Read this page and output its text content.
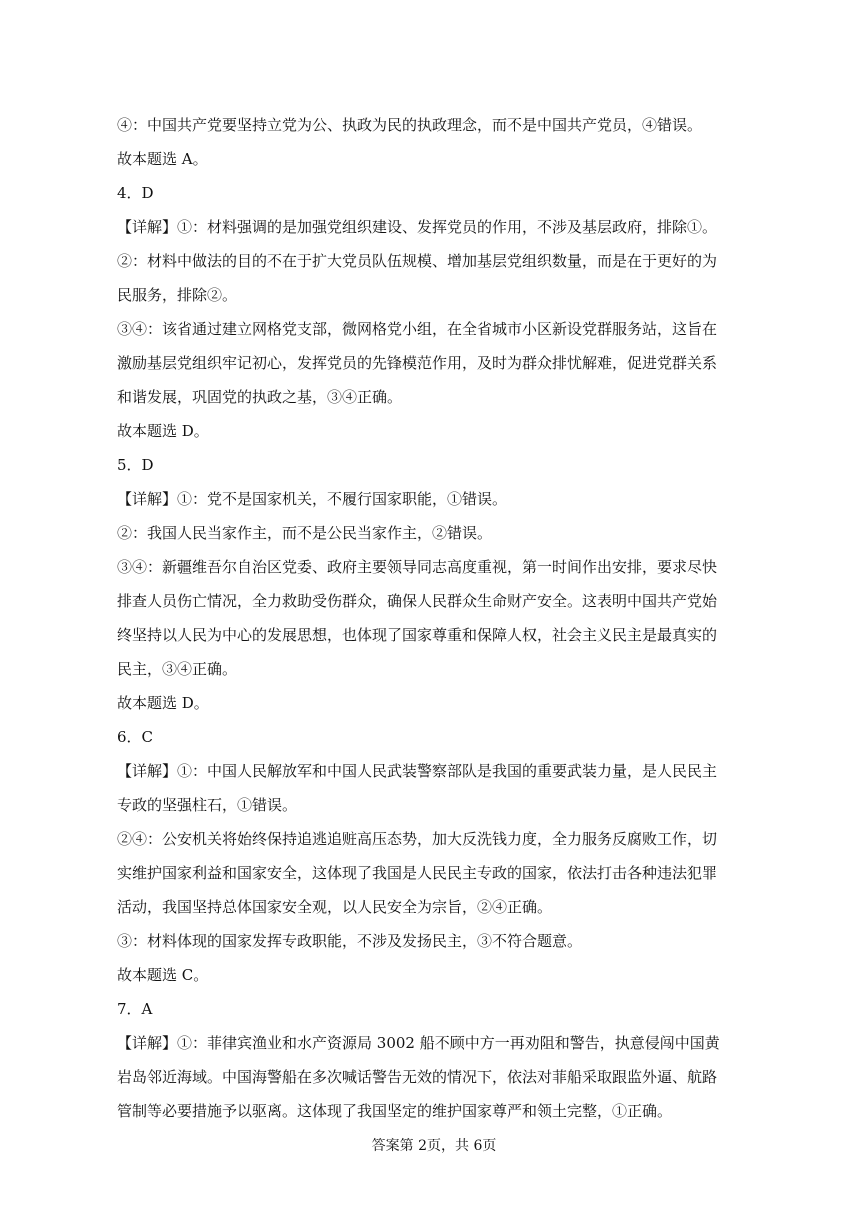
④：中国共产党要坚持立党为公、执政为民的执政理念，而不是中国共产党员，④错误。
故本题选 A。
4．D
【详解】①：材料强调的是加强党组织建设、发挥党员的作用，不涉及基层政府，排除①。
②：材料中做法的目的不在于扩大党员队伍规模、增加基层党组织数量，而是在于更好的为
民服务，排除②。
③④：该省通过建立网格党支部，微网格党小组，在全省城市小区新设党群服务站，这旨在
激励基层党组织牢记初心，发挥党员的先锋模范作用，及时为群众排忧解难，促进党群关系
和谐发展，巩固党的执政之基，③④正确。
故本题选 D。
5．D
【详解】①：党不是国家机关，不履行国家职能，①错误。
②：我国人民当家作主，而不是公民当家作主，②错误。
③④：新疆维吾尔自治区党委、政府主要领导同志高度重视，第一时间作出安排，要求尽快
排查人员伤亡情况，全力救助受伤群众，确保人民群众生命财产安全。这表明中国共产党始
终坚持以人民为中心的发展思想，也体现了国家尊重和保障人权，社会主义民主是最真实的
民主，③④正确。
故本题选 D。
6．C
【详解】①：中国人民解放军和中国人民武装警察部队是我国的重要武装力量，是人民民主
专政的坚强柱石，①错误。
②④：公安机关将始终保持追逃追赃高压态势，加大反洗钱力度，全力服务反腐败工作，切
实维护国家利益和国家安全，这体现了我国是人民民主专政的国家，依法打击各种违法犯罪
活动，我国坚持总体国家安全观，以人民安全为宗旨，②④正确。
③：材料体现的国家发挥专政职能，不涉及发扬民主，③不符合题意。
故本题选 C。
7．A
【详解】①：菲律宾渔业和水产资源局 3002 船不顾中方一再劝阻和警告，执意侵闯中国黄
岩岛邻近海域。中国海警船在多次喊话警告无效的情况下，依法对菲船采取跟监外逼、航路
管制等必要措施予以驱离。这体现了我国坚定的维护国家尊严和领土完整，①正确。
答案第 2页，共 6页
